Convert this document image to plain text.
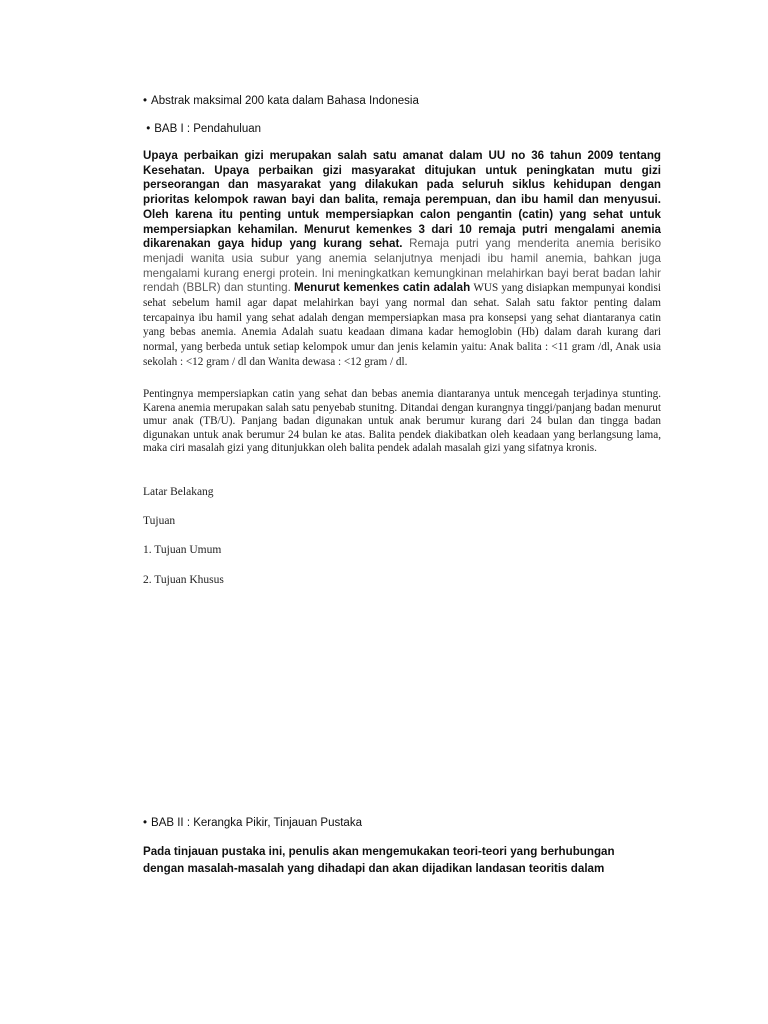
• Abstrak maksimal 200 kata dalam Bahasa Indonesia
• BAB I : Pendahuluan
Upaya perbaikan gizi merupakan salah satu amanat dalam UU no 36 tahun 2009 tentang Kesehatan. Upaya perbaikan gizi masyarakat ditujukan untuk peningkatan mutu gizi perseorangan dan masyarakat yang dilakukan pada seluruh siklus kehidupan dengan prioritas kelompok rawan bayi dan balita, remaja perempuan, dan ibu hamil dan menyusui. Oleh karena itu penting untuk mempersiapkan calon pengantin (catin) yang sehat untuk mempersiapkan kehamilan. Menurut kemenkes 3 dari 10 remaja putri mengalami anemia dikarenakan gaya hidup yang kurang sehat. Remaja putri yang menderita anemia berisiko menjadi wanita usia subur yang anemia selanjutnya menjadi ibu hamil anemia, bahkan juga mengalami kurang energi protein. Ini meningkatkan kemungkinan melahirkan bayi berat badan lahir rendah (BBLR) dan stunting. Menurut kemenkes catin adalah WUS yang disiapkan mempunyai kondisi sehat sebelum hamil agar dapat melahirkan bayi yang normal dan sehat. Salah satu faktor penting dalam tercapainya ibu hamil yang sehat adalah dengan mempersiapkan masa pra konsepsi yang sehat diantaranya catin yang bebas anemia. Anemia Adalah suatu keadaan dimana kadar hemoglobin (Hb) dalam darah kurang dari normal, yang berbeda untuk setiap kelompok umur dan jenis kelamin yaitu: Anak balita : <11 gram /dl, Anak usia sekolah : <12 gram / dl dan Wanita dewasa : <12 gram / dl.
Pentingnya mempersiapkan catin yang sehat dan bebas anemia diantaranya untuk mencegah terjadinya stunting. Karena anemia merupakan salah satu penyebab stunitng. Ditandai dengan kurangnya tinggi/panjang badan menurut umur anak (TB/U). Panjang badan digunakan untuk anak berumur kurang dari 24 bulan dan tingga badan digunakan untuk anak berumur 24 bulan ke atas. Balita pendek diakibatkan oleh keadaan yang berlangsung lama, maka ciri masalah gizi yang ditunjukkan oleh balita pendek adalah masalah gizi yang sifatnya kronis.
Latar Belakang
Tujuan
1. Tujuan Umum
2. Tujuan Khusus
• BAB II : Kerangka Pikir, Tinjauan Pustaka
Pada tinjauan pustaka ini, penulis akan mengemukakan teori-teori yang berhubungan dengan masalah-masalah yang dihadapi dan akan dijadikan landasan teoritis dalam
